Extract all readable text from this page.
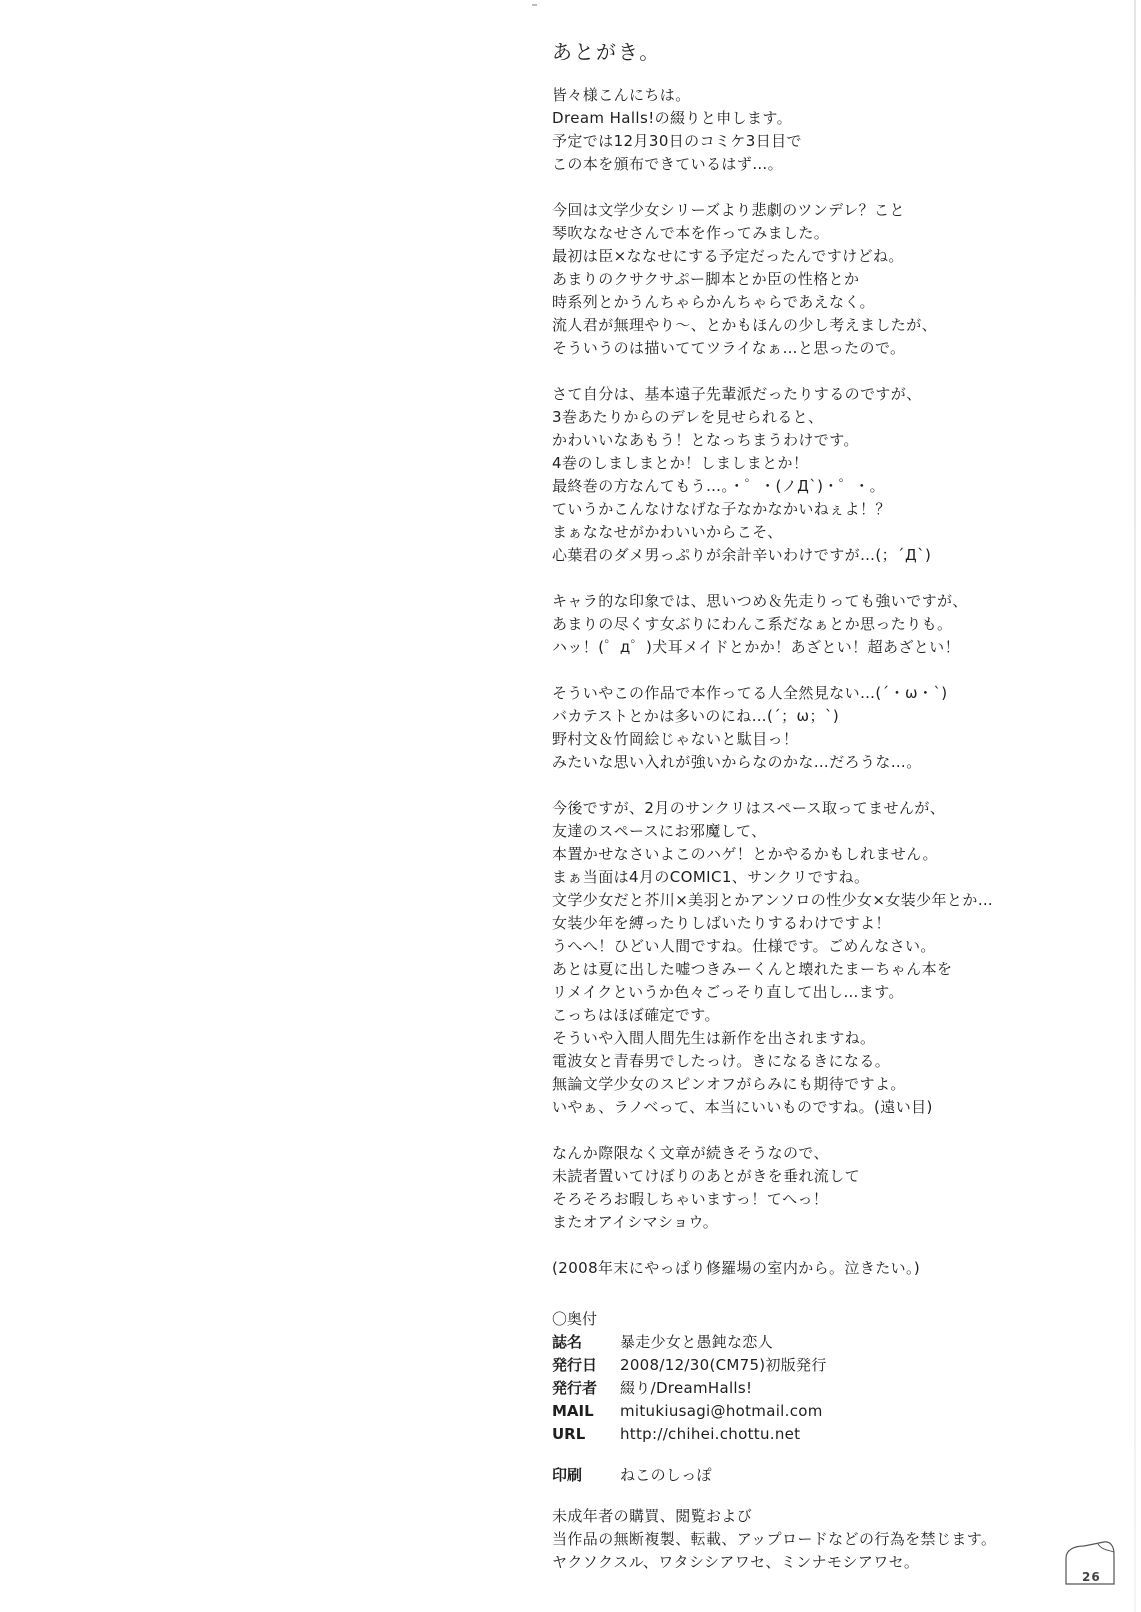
あとがき。
皆々様こんにちは。
Dream Halls!の綴りと申します。
予定では12月30日のコミケ3日目で
この本を頒布できているはず…。
今回は文学少女シリーズより悲劇のツンデレ？こと
琴吹ななせさんで本を作ってみました。
最初は臣×ななせにする予定だったんですけどね。
あまりのクサクサぷー脚本とか臣の性格とか
時系列とかうんちゃらかんちゃらであえなく。
流人君が無理やり～、とかもほんの少し考えましたが、
そういうのは描いててツライなぁ…と思ったので。
さて自分は、基本遠子先輩派だったりするのですが、
3巻あたりからのデレを見せられると、
かわいいなあもう！となっちまうわけです。
4巻のしましまとか！しましまとか！
最終巻の方なんてもう…。・゜・(ノД`)・゜・。
ていうかこんなけなげな子なかなかいねぇよ！？
まぁななせがかわいいからこそ、
心葉君のダメ男っぷりが余計辛いわけですが…(；´Д`)
キャラ的な印象では、思いつめ＆先走りっても強いですが、
あまりの尽くす女ぶりにわんこ系だなぁとか思ったりも。
ハッ！(゜д゜)犬耳メイドとかか！あざとい！超あざとい！
そういやこの作品で本作ってる人全然見ない…(´・ω・`)
バカテストとかは多いのにね…(´；ω；`)
野村文＆竹岡絵じゃないと駄目っ！
みたいな思い入れが強いからなのかな…だろうな…。
今後ですが、2月のサンクリはスペース取ってませんが、
友達のスペースにお邪魔して、
本置かせなさいよこのハゲ！とかやるかもしれません。
まぁ当面は4月のCOMIC1、サンクリですね。
文学少女だと芥川×美羽とかアンソロの性少女×女装少年とか…
女装少年を縛ったりしばいたりするわけですよ！
うへへ！ひどい人間ですね。仕様です。ごめんなさい。
あとは夏に出した嘘つきみーくんと壊れたまーちゃん本を
リメイクというか色々ごっそり直して出し…ます。
こっちはほぼ確定です。
そういや入間人間先生は新作を出されますね。
電波女と青春男でしたっけ。きになるきになる。
無論文学少女のスピンオフがらみにも期待ですよ。
いやぁ、ラノベって、本当にいいものですね。(遠い目)
なんか際限なく文章が続きそうなので、
未読者置いてけぼりのあとがきを垂れ流して
そろそろお暇しちゃいますっ！てへっ！
またオアイシマショウ。
(2008年末にやっぱり修羅場の室内から。泣きたい。)
〇奥付
誌名	暴走少女と愚鈍な恋人
発行日	2008/12/30(CM75)初版発行
発行者	綴り/DreamHalls!
MAIL	mitukiusagi@hotmail.com
URL	http://chihei.chottu.net
印刷	ねこのしっぽ
未成年者の購買、閲覧および
当作品の無断複製、転載、アップロードなどの行為を禁じます。
ヤクソクスル、ワタシシアワセ、ミンナモシアワセ。
26
